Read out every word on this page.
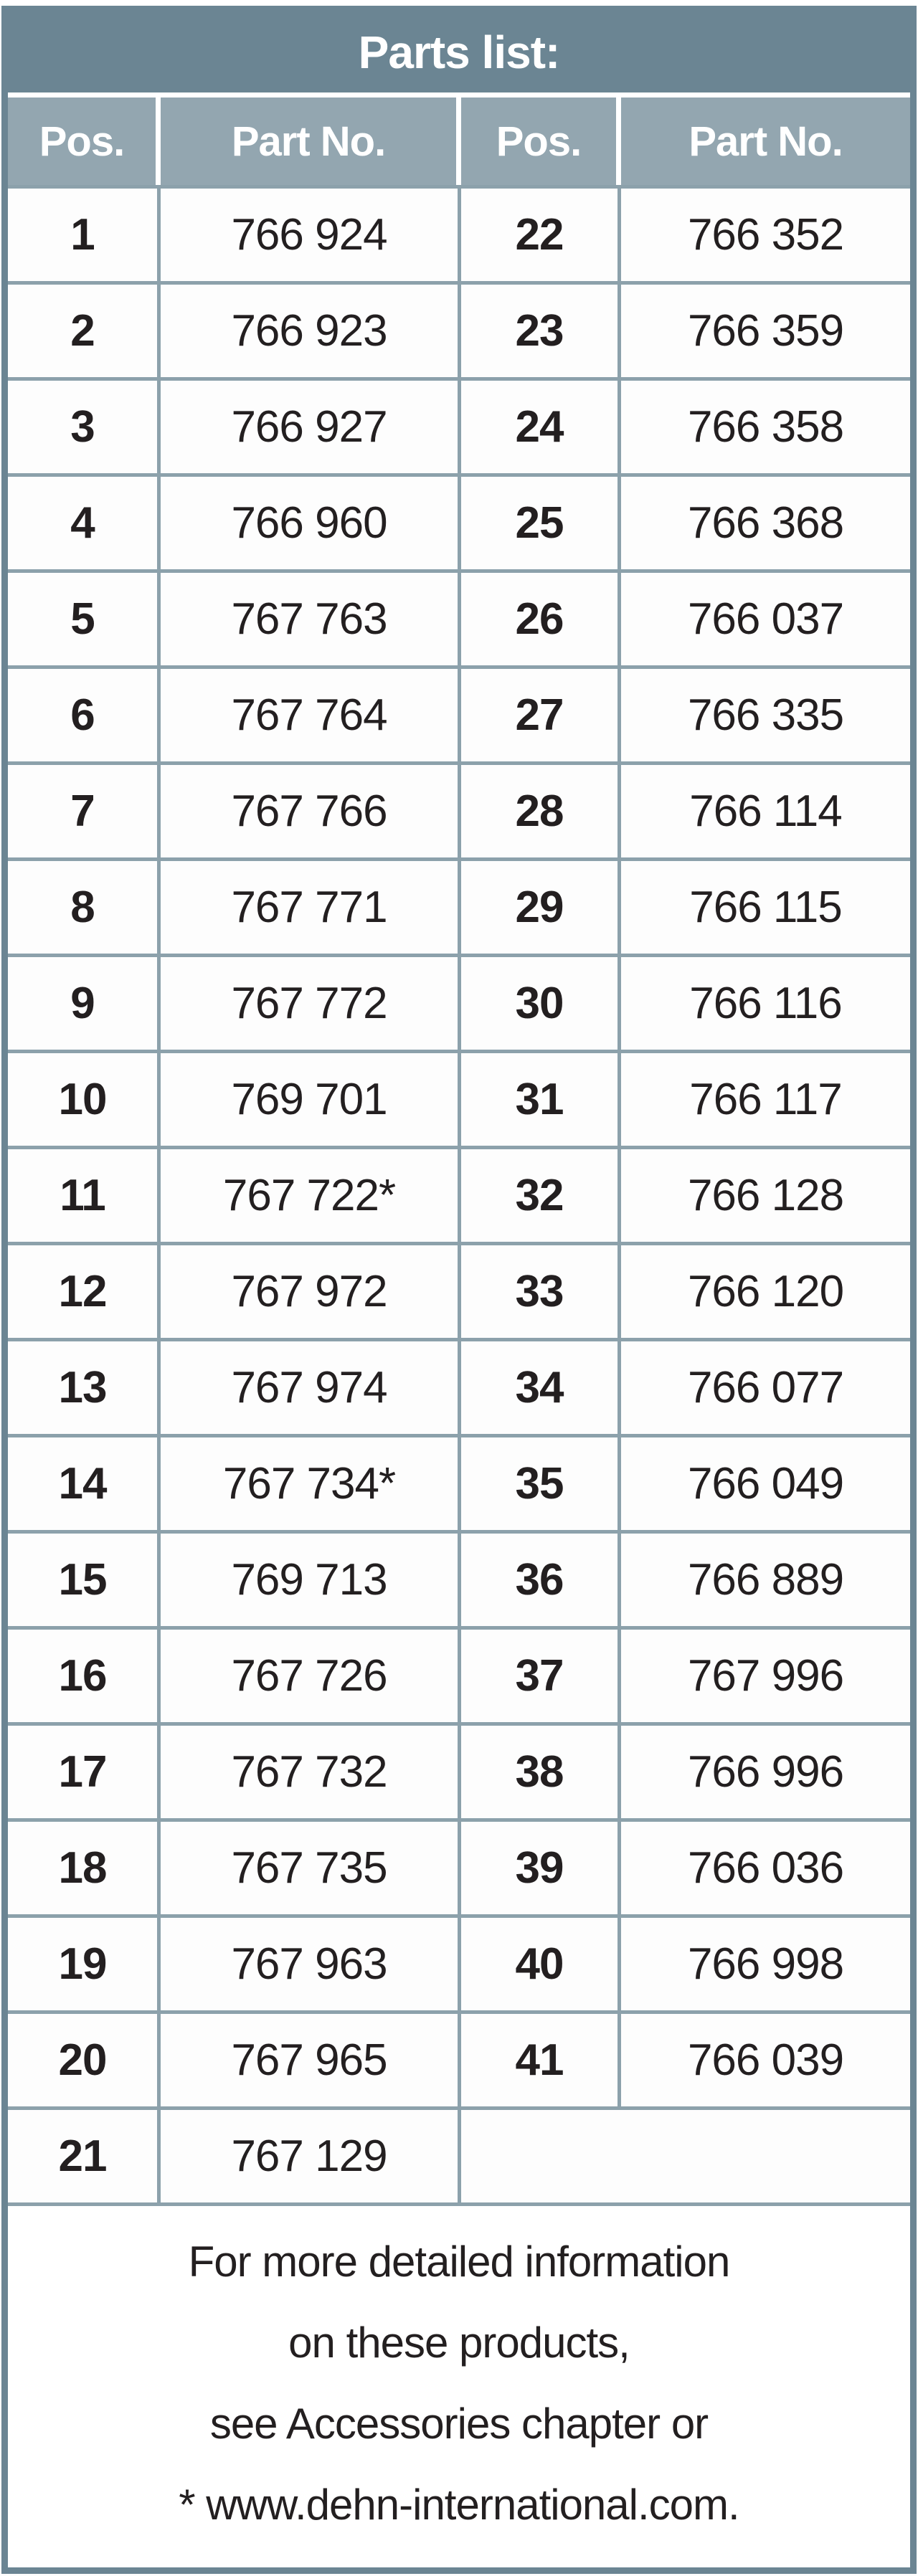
Parts list:
Pos.	Part No.	Pos.	Part No.
1	766 924	22	766 352
2	766 923	23	766 359
3	766 927	24	766 358
4	766 960	25	766 368
5	767 763	26	766 037
6	767 764	27	766 335
7	767 766	28	766 114
8	767 771	29	766 115
9	767 772	30	766 116
10	769 701	31	766 117
11	767 722*	32	766 128
12	767 972	33	766 120
13	767 974	34	766 077
14	767 734*	35	766 049
15	769 713	36	766 889
16	767 726	37	767 996
17	767 732	38	766 996
18	767 735	39	766 036
19	767 963	40	766 998
20	767 965	41	766 039
21	767 129
For more detailed information
on these products,
see Accessories chapter or
* www.dehn-international.com.
